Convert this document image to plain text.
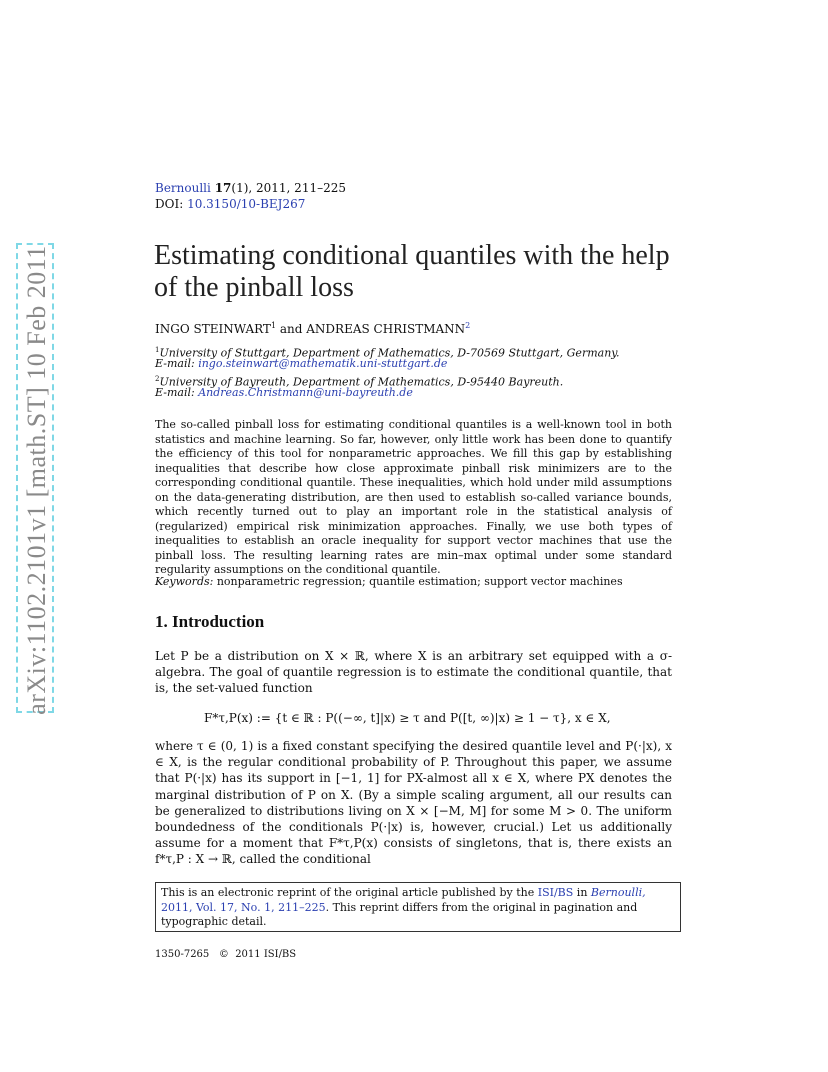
arXiv:1102.2101v1 [math.ST] 10 Feb 2011
Bernoulli 17(1), 2011, 211–225
DOI: 10.3150/10-BEJ267
Estimating conditional quantiles with the help of the pinball loss
INGO STEINWART$^1$ and ANDREAS CHRISTMANN$^2$
$^1$University of Stuttgart, Department of Mathematics, D-70569 Stuttgart, Germany.
E-mail: ingo.steinwart@mathematik.uni-stuttgart.de
$^2$University of Bayreuth, Department of Mathematics, D-95440 Bayreuth.
E-mail: Andreas.Christmann@uni-bayreuth.de
The so-called pinball loss for estimating conditional quantiles is a well-known tool in both statistics and machine learning. So far, however, only little work has been done to quantify the efficiency of this tool for nonparametric approaches. We fill this gap by establishing inequalities that describe how close approximate pinball risk minimizers are to the corresponding conditional quantile. These inequalities, which hold under mild assumptions on the data-generating distribution, are then used to establish so-called variance bounds, which recently turned out to play an important role in the statistical analysis of (regularized) empirical risk minimization approaches. Finally, we use both types of inequalities to establish an oracle inequality for support vector machines that use the pinball loss. The resulting learning rates are min–max optimal under some standard regularity assumptions on the conditional quantile.
Keywords: nonparametric regression; quantile estimation; support vector machines
1. Introduction
Let P be a distribution on X × ℝ, where X is an arbitrary set equipped with a σ-algebra. The goal of quantile regression is to estimate the conditional quantile, that is, the set-valued function
F*τ,P(x) := {t ∈ ℝ : P((−∞, t]|x) ≥ τ and P([t, ∞)|x) ≥ 1 − τ}, x ∈ X,
where τ ∈ (0, 1) is a fixed constant specifying the desired quantile level and P(·|x), x ∈ X, is the regular conditional probability of P. Throughout this paper, we assume that P(·|x) has its support in [−1, 1] for PX-almost all x ∈ X, where PX denotes the marginal distribution of P on X. (By a simple scaling argument, all our results can be generalized to distributions living on X × [−M, M] for some M > 0. The uniform boundedness of the conditionals P(·|x) is, however, crucial.) Let us additionally assume for a moment that F*τ,P(x) consists of singletons, that is, there exists an f*τ,P : X → ℝ, called the conditional
This is an electronic reprint of the original article published by the ISI/BS in Bernoulli, 2011, Vol. 17, No. 1, 211–225. This reprint differs from the original in pagination and typographic detail.
1350-7265 © 2011 ISI/BS
